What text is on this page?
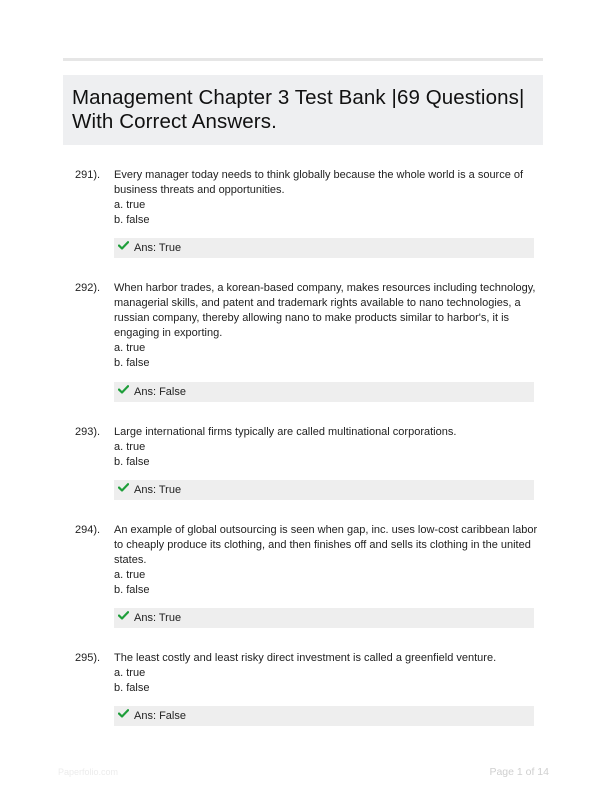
Management Chapter 3 Test Bank |69 Questions| With Correct Answers.
291). Every manager today needs to think globally because the whole world is a source of business threats and opportunities.

a. true

b. false

Ans: True
292). When harbor trades, a korean-based company, makes resources including technology, managerial skills, and patent and trademark rights available to nano technologies, a russian company, thereby allowing nano to make products similar to harbor's, it is engaging in exporting.

a. true

b. false

Ans: False
293). Large international firms typically are called multinational corporations.

a. true

b. false

Ans: True
294). An example of global outsourcing is seen when gap, inc. uses low-cost caribbean labor to cheaply produce its clothing, and then finishes off and sells its clothing in the united states.

a. true

b. false

Ans: True
295). The least costly and least risky direct investment is called a greenfield venture.

a. true

b. false

Ans: False
Paperfolio.com	Page 1 of 14
